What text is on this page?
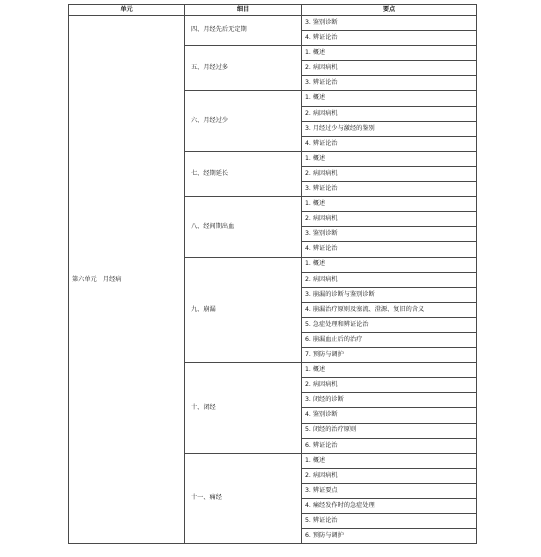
单元	细目	要点
第六单元　月经病	四、月经先后无定期	3. 鉴别诊断
		4. 辨证论治
	五、月经过多	1. 概述
		2. 病因病机
		3. 辨证论治
	六、月经过少	1. 概述
		2. 病因病机
		3. 月经过少与激经的鉴别
		4. 辨证论治
	七、经期延长	1. 概述
		2. 病因病机
		3. 辨证论治
	八、经间期出血	1. 概述
		2. 病因病机
		3. 鉴别诊断
		4. 辨证论治
	九、崩漏	1. 概述
		2. 病因病机
		3. 崩漏的诊断与鉴别诊断
		4. 崩漏治疗原则及塞流、澄源、复旧的含义
		5. 急症处理和辨证论治
		6. 崩漏血止后的治疗
		7. 预防与调护
	十、闭经	1. 概述
		2. 病因病机
		3. 闭经的诊断
		4. 鉴别诊断
		5. 闭经的治疗原则
		6. 辨证论治
	十一、痛经	1. 概述
		2. 病因病机
		3. 辨证要点
		4. 痛经发作时的急症处理
		5. 辨证论治
		6. 预防与调护
